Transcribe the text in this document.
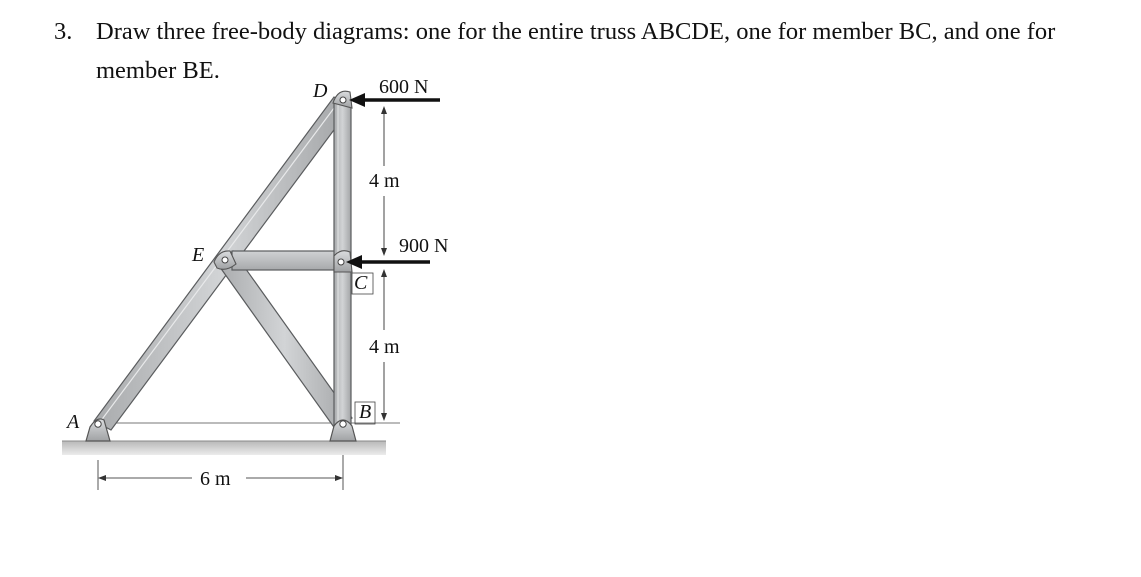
3. Draw three free-body diagrams: one for the entire truss ABCDE, one for member BC, and one for
member BE.
A	B
C
D
E
600 N
900 N
4 m
4 m
6 m
